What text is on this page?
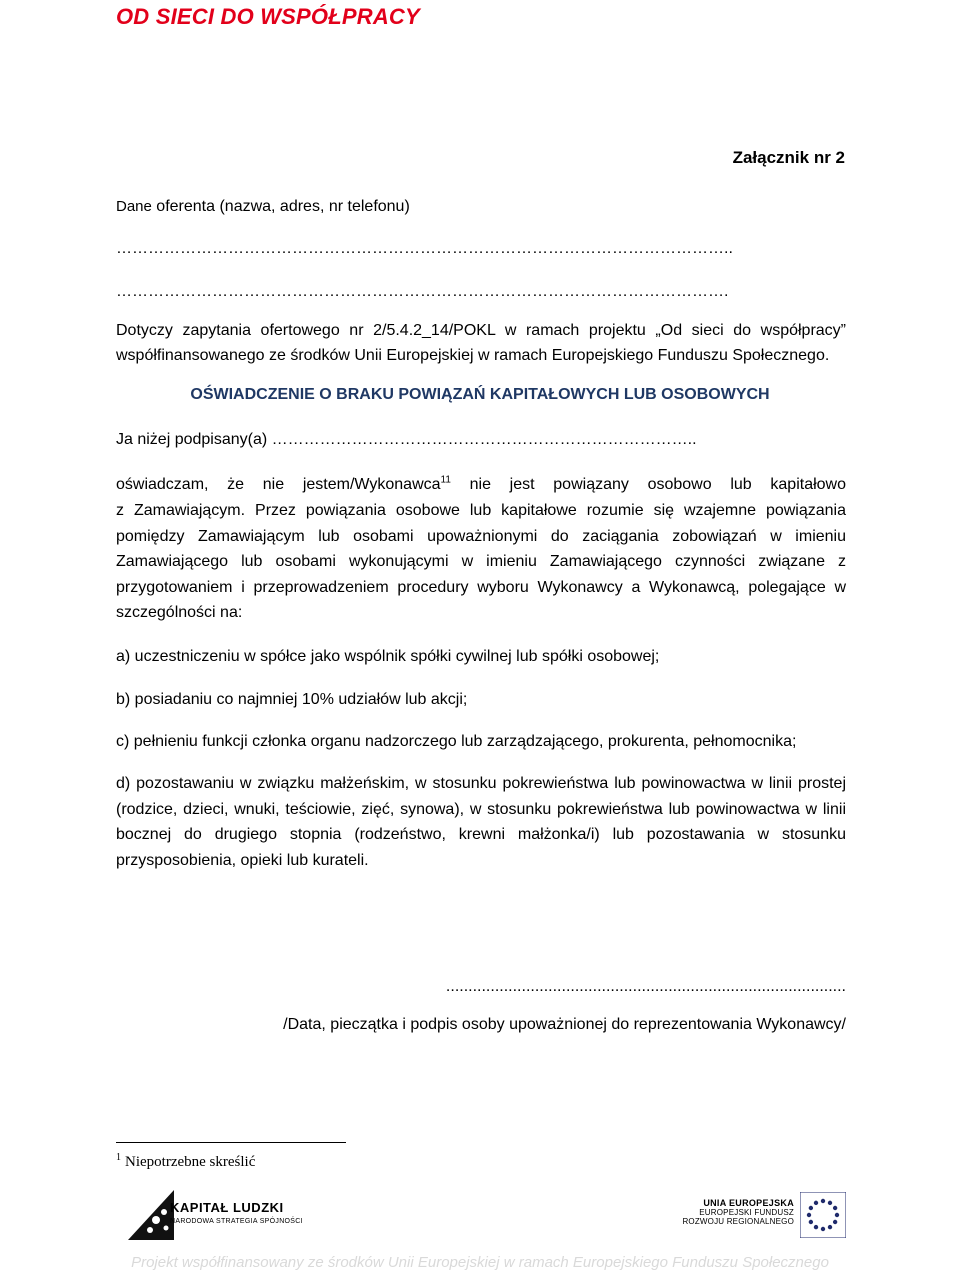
OD SIECI DO WSPÓŁPRACY
Załącznik nr 2
Dane oferenta (nazwa, adres, nr telefonu)
……………………………………………………………………………………………………..
…………………………………………………………………………………………………….
Dotyczy zapytania ofertowego nr 2/5.4.2_14/POKL w ramach projektu „Od sieci do współpracy”
współfinansowanego ze środków Unii Europejskiej w ramach Europejskiego Funduszu Społecznego.
OŚWIADCZENIE O BRAKU POWIĄZAŃ KAPITAŁOWYCH LUB OSOBOWYCH
Ja niżej podpisany(a) ……………………………………………………………………..
oświadczam, że nie jestem/Wykonawca$^{11}$ nie jest powiązany osobowo lub kapitałowo
z Zamawiającym. Przez powiązania osobowe lub kapitałowe rozumie się wzajemne powiązania pomiędzy Zamawiającym lub osobami upoważnionymi do zaciągania zobowiązań w imieniu Zamawiającego lub osobami wykonującymi w imieniu Zamawiającego czynności związane z przygotowaniem i przeprowadzeniem procedury wyboru Wykonawcy a Wykonawcą, polegające w szczególności na:
a) uczestniczeniu w spółce jako wspólnik spółki cywilnej lub spółki osobowej;
b) posiadaniu co najmniej 10% udziałów lub akcji;
c) pełnieniu funkcji członka organu nadzorczego lub zarządzającego, prokurenta, pełnomocnika;
d) pozostawaniu w związku małżeńskim, w stosunku pokrewieństwa lub powinowactwa w linii prostej (rodzice, dzieci, wnuki, teściowie, zięć, synowa), w stosunku pokrewieństwa lub powinowactwa w linii bocznej do drugiego stopnia (rodzeństwo, krewni małżonka/i) lub pozostawania w stosunku przysposobienia, opieki lub kurateli.
..........................................................................................
/Data, pieczątka i podpis osoby upoważnionej do reprezentowania Wykonawcy/
$^1$ Niepotrzebne skreślić
KAPITAŁ LUDZKI
NARODOWA STRATEGIA SPÓJNOŚCI
UNIA EUROPEJSKA
EUROPEJSKI FUNDUSZ
ROZWOJU REGIONALNEGO
Projekt współfinansowany ze środków Unii Europejskiej w ramach Europejskiego Funduszu Społecznego
